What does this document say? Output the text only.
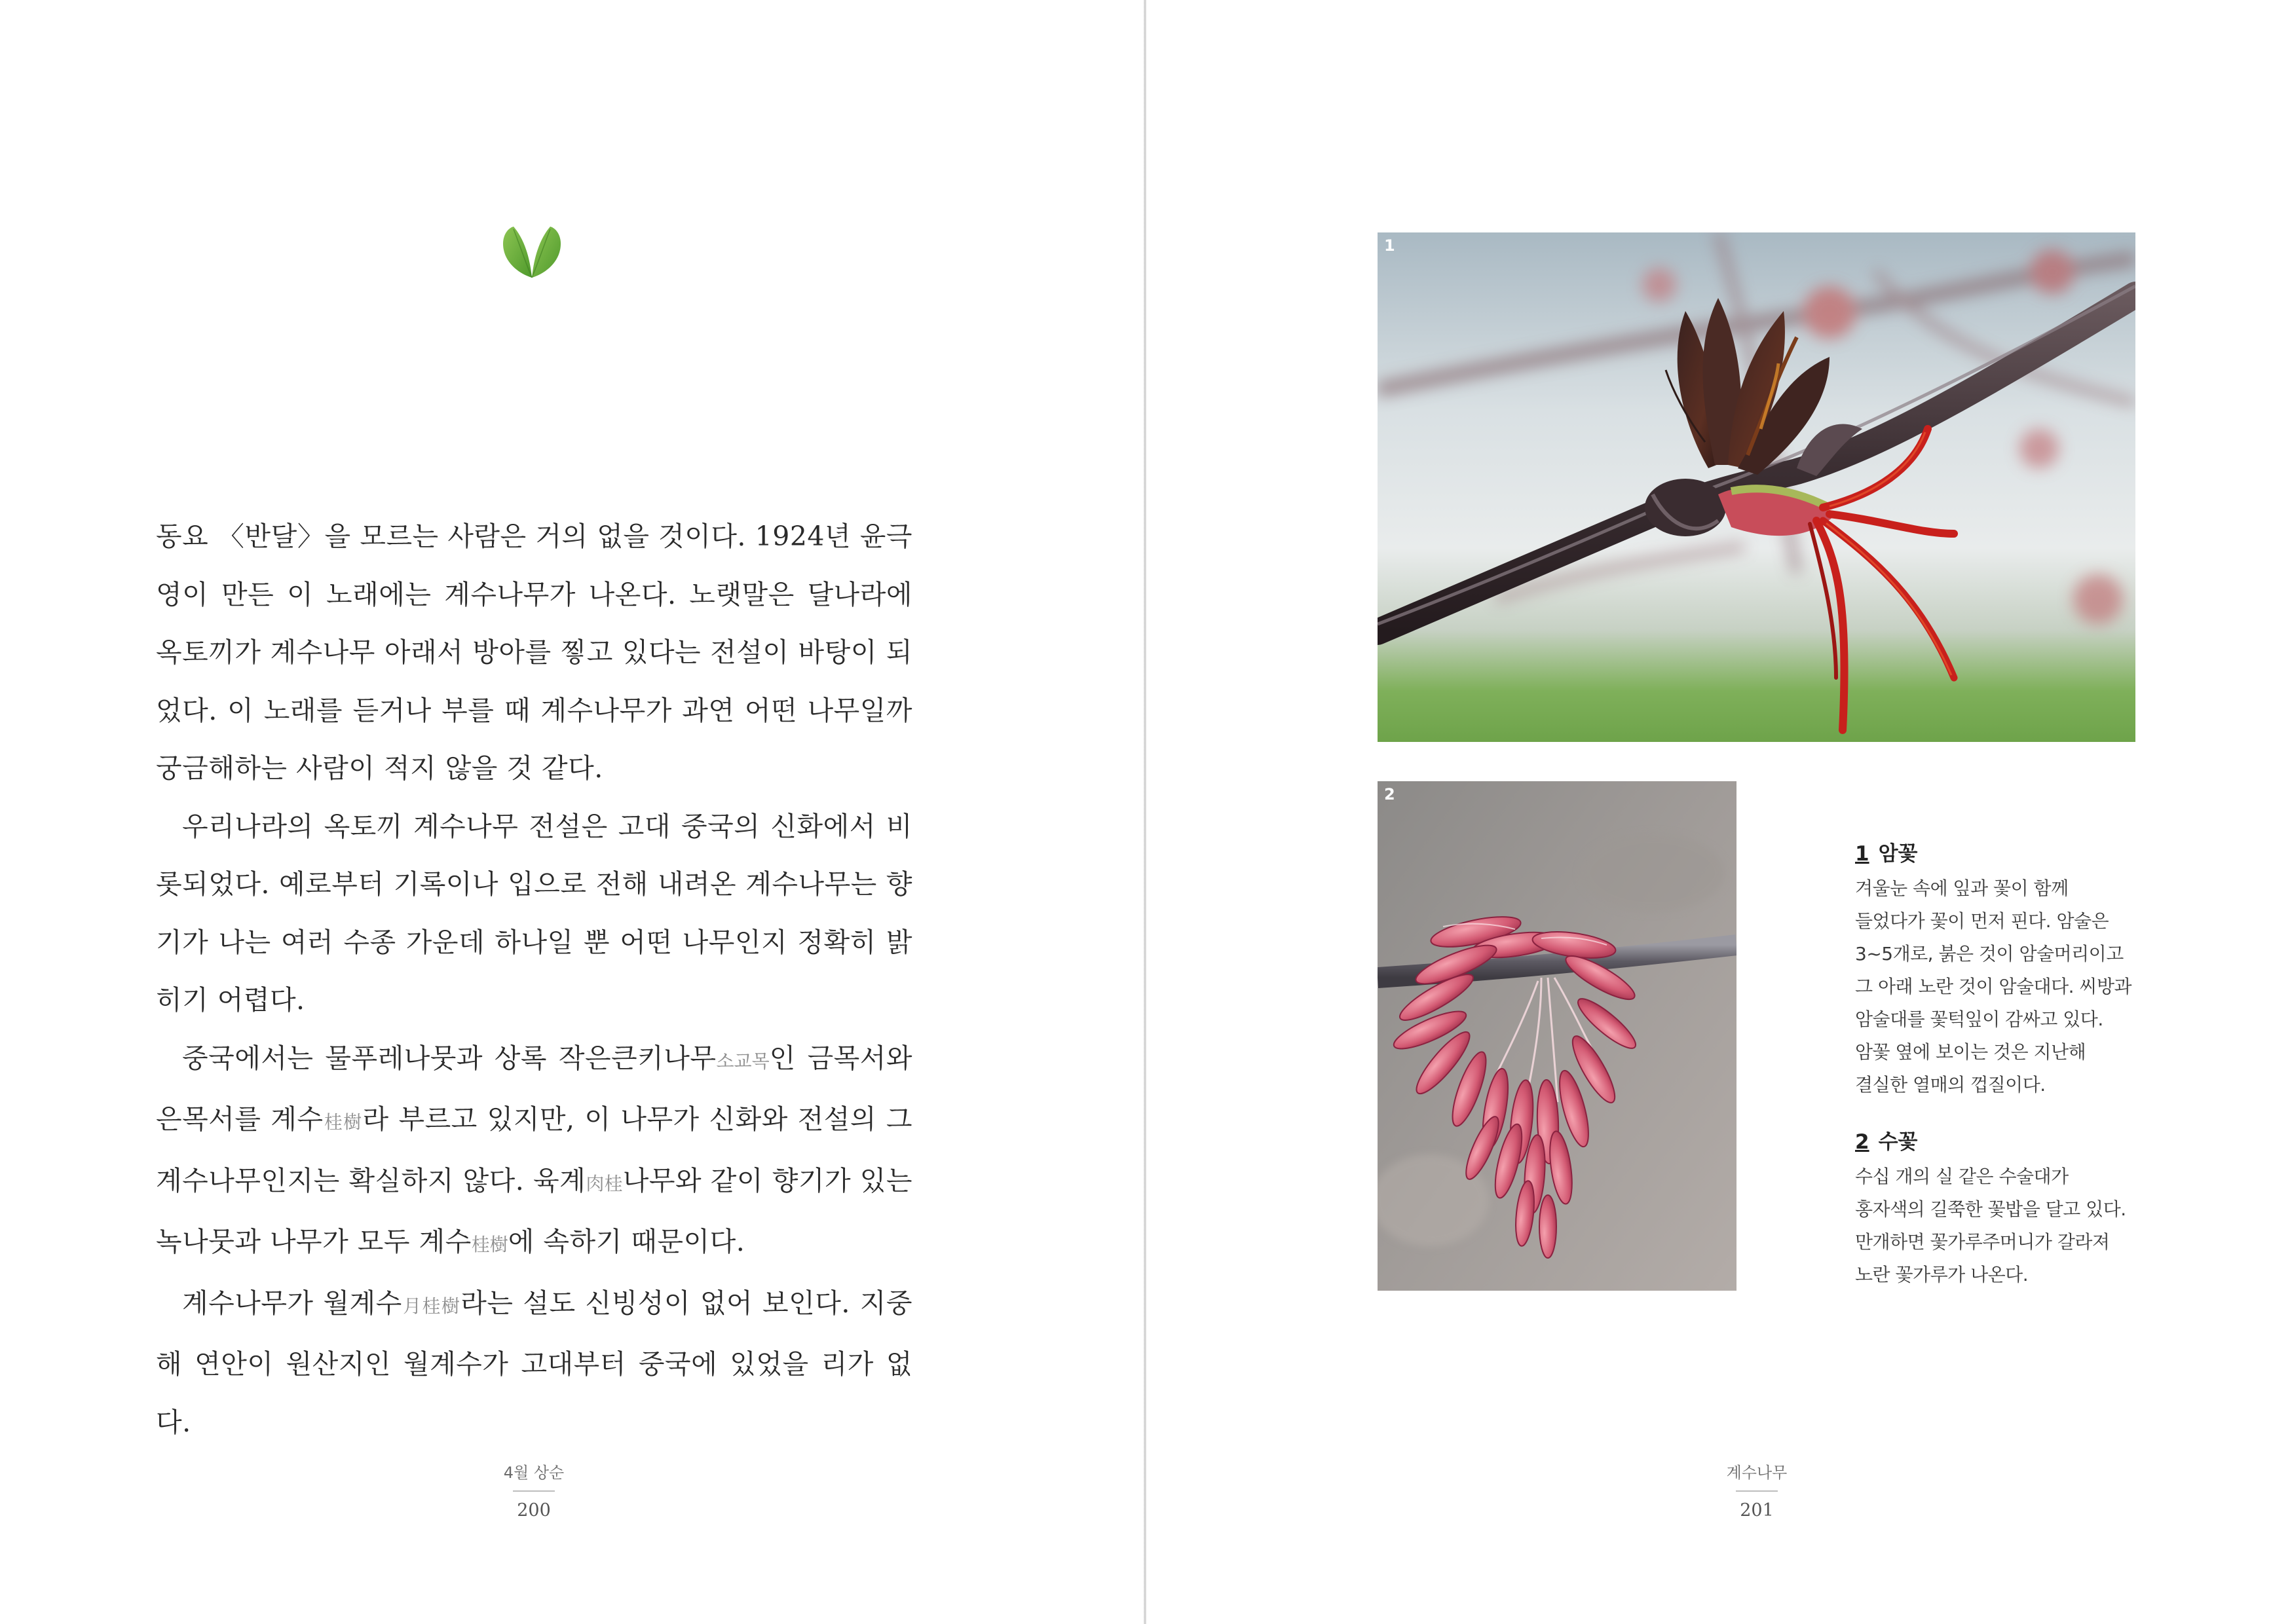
동요 〈반달〉을 모르는 사람은 거의 없을 것이다. 1924년 윤극영이 만든 이 노래에는 계수나무가 나온다. 노랫말은 달나라에 옥토끼가 계수나무 아래서 방아를 찧고 있다는 전설이 바탕이 되었다. 이 노래를 듣거나 부를 때 계수나무가 과연 어떤 나무일까 궁금해하는 사람이 적지 않을 것 같다.

우리나라의 옥토끼 계수나무 전설은 고대 중국의 신화에서 비롯되었다. 예로부터 기록이나 입으로 전해 내려온 계수나무는 향기가 나는 여러 수종 가운데 하나일 뿐 어떤 나무인지 정확히 밝히기 어렵다.

중국에서는 물푸레나뭇과 상록 작은큰키나무소교목인 금목서와 은목서를 계수桂樹라 부르고 있지만, 이 나무가 신화와 전설의 그 계수나무인지는 확실하지 않다. 육계肉桂나무와 같이 향기가 있는 녹나뭇과 나무가 모두 계수桂樹에 속하기 때문이다.

계수나무가 월계수月桂樹라는 설도 신빙성이 없어 보인다. 지중해 연안이 원산지인 월계수가 고대부터 중국에 있었을 리가 없다.

4월 상순
200
1
2
1 암꽃
겨울눈 속에 잎과 꽃이 함께
들었다가 꽃이 먼저 핀다. 암술은
3~5개로, 붉은 것이 암술머리이고
그 아래 노란 것이 암술대다. 씨방과
암술대를 꽃턱잎이 감싸고 있다.
암꽃 옆에 보이는 것은 지난해
결실한 열매의 껍질이다.
2 수꽃
수십 개의 실 같은 수술대가
홍자색의 길쭉한 꽃밥을 달고 있다.
만개하면 꽃가루주머니가 갈라져
노란 꽃가루가 나온다.
계수나무
201
